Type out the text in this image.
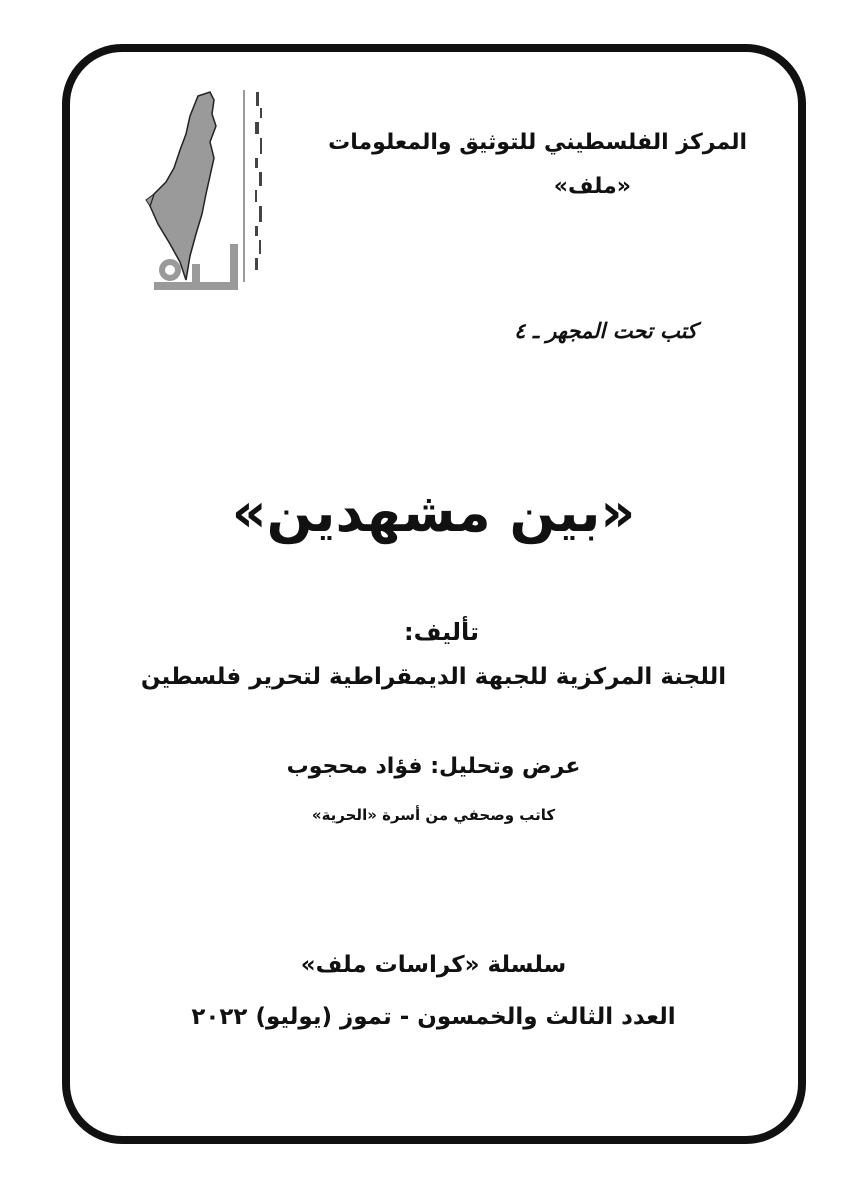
المركز الفلسطيني للتوثيق والمعلومات
«ملف»
كتب تحت المجهر ـ ٤
«بين مشهدين»
تأليف:
اللجنة المركزية للجبهة الديمقراطية لتحرير فلسطين
عرض وتحليل: فؤاد محجوب
كاتب وصحفي من أسرة «الحرية»
سلسلة «كراسات ملف»
العدد الثالث والخمسون - تموز (يوليو) ٢٠٢٢
